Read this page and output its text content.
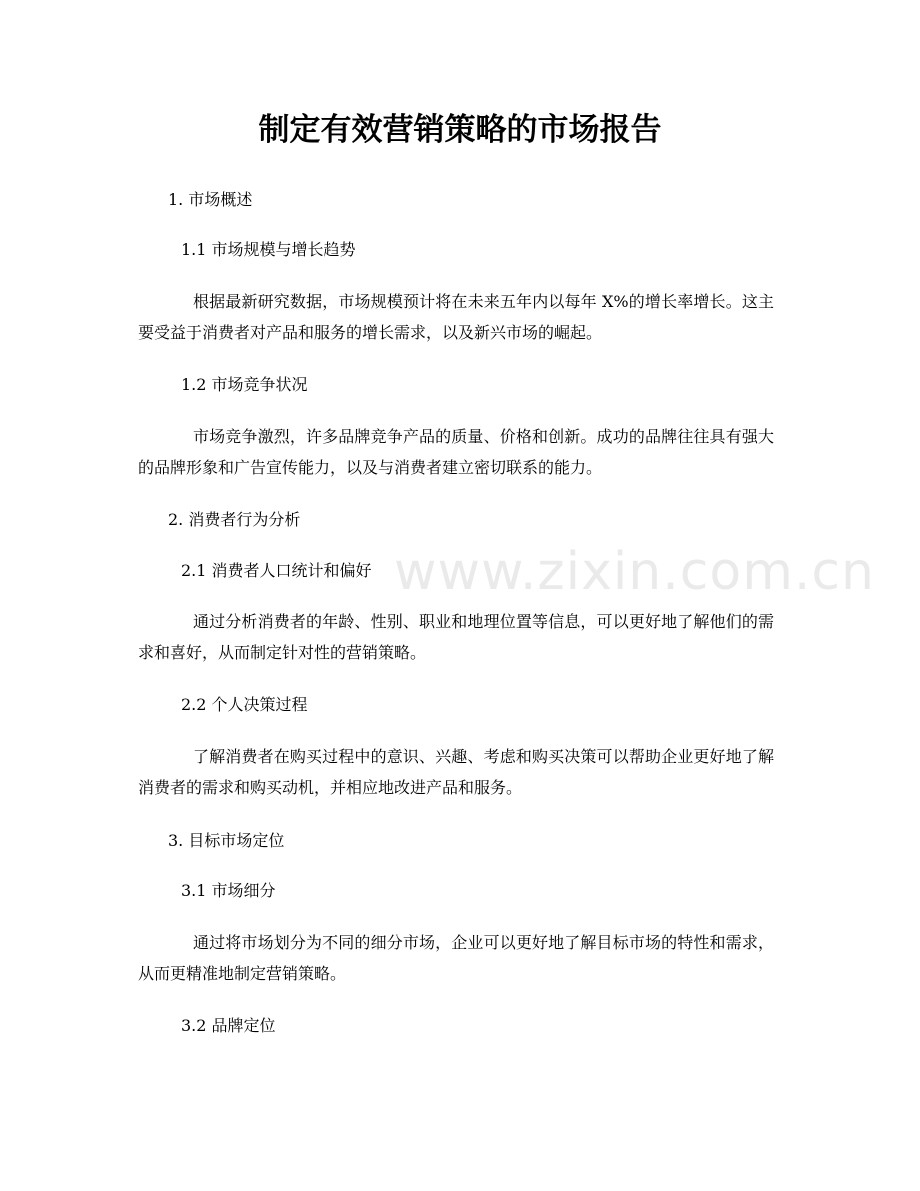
制定有效营销策略的市场报告
www.zixin.com.cn
1. 市场概述
1.1 市场规模与增长趋势

根据最新研究数据，市场规模预计将在未来五年内以每年 X%的增长率增长。这主要受益于消费者对产品和服务的增长需求，以及新兴市场的崛起。

1.2 市场竞争状况

市场竞争激烈，许多品牌竞争产品的质量、价格和创新。成功的品牌往往具有强大的品牌形象和广告宣传能力，以及与消费者建立密切联系的能力。

2. 消费者行为分析
2.1 消费者人口统计和偏好

通过分析消费者的年龄、性别、职业和地理位置等信息，可以更好地了解他们的需求和喜好，从而制定针对性的营销策略。

2.2 个人决策过程

了解消费者在购买过程中的意识、兴趣、考虑和购买决策可以帮助企业更好地了解消费者的需求和购买动机，并相应地改进产品和服务。

3. 目标市场定位
3.1 市场细分

通过将市场划分为不同的细分市场，企业可以更好地了解目标市场的特性和需求，从而更精准地制定营销策略。

3.2 品牌定位
